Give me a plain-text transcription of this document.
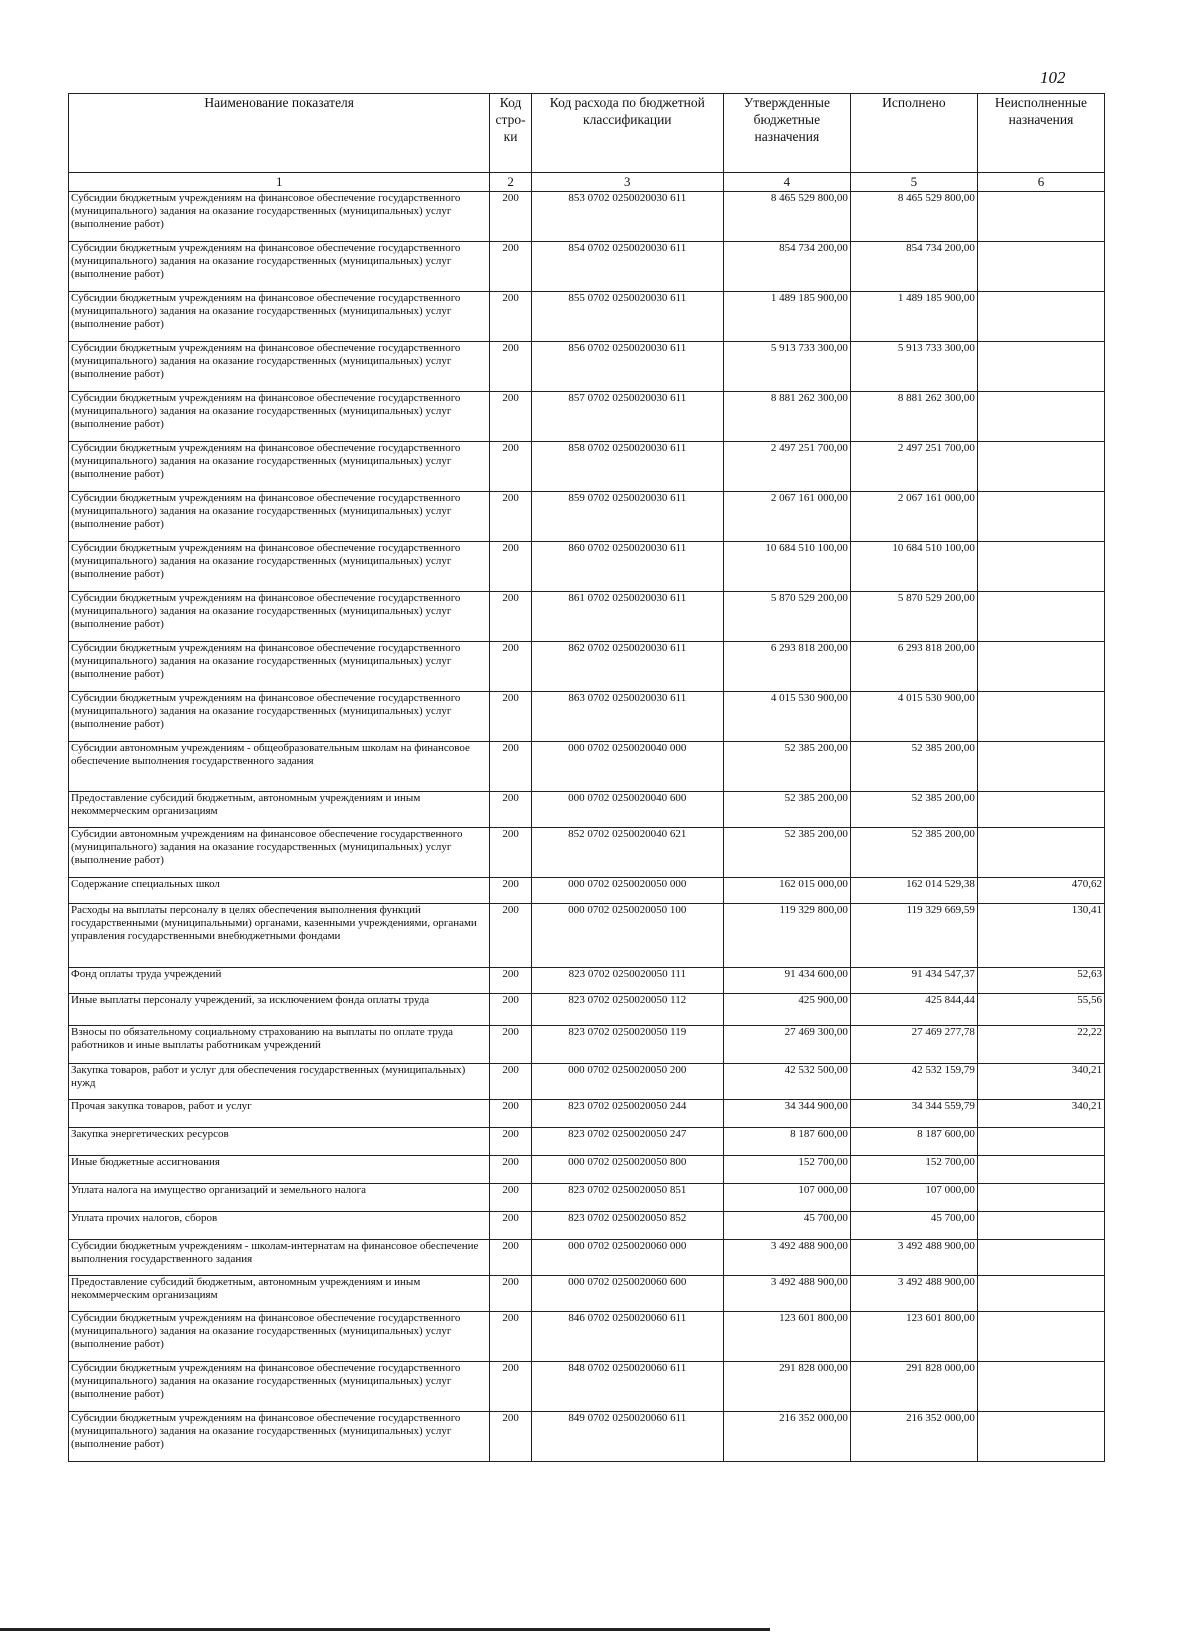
102
Наименование показателя	Код стро- ки	Код расхода по бюджетной классификации	Утвержденные бюджетные назначения	Исполнено	Неисполненные назначения
1	2	3	4	5	6
Субсидии бюджетным учреждениям на финансовое обеспечение государственного (муниципального) задания на оказание государственных (муниципальных) услуг (выполнение работ)	200	853 0702 0250020030 611	8 465 529 800,00	8 465 529 800,00	
Субсидии бюджетным учреждениям на финансовое обеспечение государственного (муниципального) задания на оказание государственных (муниципальных) услуг (выполнение работ)	200	854 0702 0250020030 611	854 734 200,00	854 734 200,00	
Субсидии бюджетным учреждениям на финансовое обеспечение государственного (муниципального) задания на оказание государственных (муниципальных) услуг (выполнение работ)	200	855 0702 0250020030 611	1 489 185 900,00	1 489 185 900,00	
Субсидии бюджетным учреждениям на финансовое обеспечение государственного (муниципального) задания на оказание государственных (муниципальных) услуг (выполнение работ)	200	856 0702 0250020030 611	5 913 733 300,00	5 913 733 300,00	
Субсидии бюджетным учреждениям на финансовое обеспечение государственного (муниципального) задания на оказание государственных (муниципальных) услуг (выполнение работ)	200	857 0702 0250020030 611	8 881 262 300,00	8 881 262 300,00	
Субсидии бюджетным учреждениям на финансовое обеспечение государственного (муниципального) задания на оказание государственных (муниципальных) услуг (выполнение работ)	200	858 0702 0250020030 611	2 497 251 700,00	2 497 251 700,00	
Субсидии бюджетным учреждениям на финансовое обеспечение государственного (муниципального) задания на оказание государственных (муниципальных) услуг (выполнение работ)	200	859 0702 0250020030 611	2 067 161 000,00	2 067 161 000,00	
Субсидии бюджетным учреждениям на финансовое обеспечение государственного (муниципального) задания на оказание государственных (муниципальных) услуг (выполнение работ)	200	860 0702 0250020030 611	10 684 510 100,00	10 684 510 100,00	
Субсидии бюджетным учреждениям на финансовое обеспечение государственного (муниципального) задания на оказание государственных (муниципальных) услуг (выполнение работ)	200	861 0702 0250020030 611	5 870 529 200,00	5 870 529 200,00	
Субсидии бюджетным учреждениям на финансовое обеспечение государственного (муниципального) задания на оказание государственных (муниципальных) услуг (выполнение работ)	200	862 0702 0250020030 611	6 293 818 200,00	6 293 818 200,00	
Субсидии бюджетным учреждениям на финансовое обеспечение государственного (муниципального) задания на оказание государственных (муниципальных) услуг (выполнение работ)	200	863 0702 0250020030 611	4 015 530 900,00	4 015 530 900,00	
Субсидии автономным учреждениям - общеобразовательным школам на финансовое обеспечение выполнения государственного задания	200	000 0702 0250020040 000	52 385 200,00	52 385 200,00	
Предоставление субсидий бюджетным, автономным учреждениям и иным некоммерческим организациям	200	000 0702 0250020040 600	52 385 200,00	52 385 200,00	
Субсидии автономным учреждениям на финансовое обеспечение государственного (муниципального) задания на оказание государственных (муниципальных) услуг (выполнение работ)	200	852 0702 0250020040 621	52 385 200,00	52 385 200,00	
Содержание специальных школ	200	000 0702 0250020050 000	162 015 000,00	162 014 529,38	470,62
Расходы на выплаты персоналу в целях обеспечения выполнения функций государственными (муниципальными) органами, казенными учреждениями, органами управления государственными внебюджетными фондами	200	000 0702 0250020050 100	119 329 800,00	119 329 669,59	130,41
Фонд оплаты труда учреждений	200	823 0702 0250020050 111	91 434 600,00	91 434 547,37	52,63
Иные выплаты персоналу учреждений, за исключением фонда оплаты труда	200	823 0702 0250020050 112	425 900,00	425 844,44	55,56
Взносы по обязательному социальному страхованию на выплаты по оплате труда работников и иные выплаты работникам учреждений	200	823 0702 0250020050 119	27 469 300,00	27 469 277,78	22,22
Закупка товаров, работ и услуг для обеспечения государственных (муниципальных) нужд	200	000 0702 0250020050 200	42 532 500,00	42 532 159,79	340,21
Прочая закупка товаров, работ и услуг	200	823 0702 0250020050 244	34 344 900,00	34 344 559,79	340,21
Закупка энергетических ресурсов	200	823 0702 0250020050 247	8 187 600,00	8 187 600,00	
Иные бюджетные ассигнования	200	000 0702 0250020050 800	152 700,00	152 700,00	
Уплата налога на имущество организаций и земельного налога	200	823 0702 0250020050 851	107 000,00	107 000,00	
Уплата прочих налогов, сборов	200	823 0702 0250020050 852	45 700,00	45 700,00	
Субсидии бюджетным учреждениям - школам-интернатам на финансовое обеспечение выполнения государственного задания	200	000 0702 0250020060 000	3 492 488 900,00	3 492 488 900,00	
Предоставление субсидий бюджетным, автономным учреждениям и иным некоммерческим организациям	200	000 0702 0250020060 600	3 492 488 900,00	3 492 488 900,00	
Субсидии бюджетным учреждениям на финансовое обеспечение государственного (муниципального) задания на оказание государственных (муниципальных) услуг (выполнение работ)	200	846 0702 0250020060 611	123 601 800,00	123 601 800,00	
Субсидии бюджетным учреждениям на финансовое обеспечение государственного (муниципального) задания на оказание государственных (муниципальных) услуг (выполнение работ)	200	848 0702 0250020060 611	291 828 000,00	291 828 000,00	
Субсидии бюджетным учреждениям на финансовое обеспечение государственного (муниципального) задания на оказание государственных (муниципальных) услуг (выполнение работ)	200	849 0702 0250020060 611	216 352 000,00	216 352 000,00	
